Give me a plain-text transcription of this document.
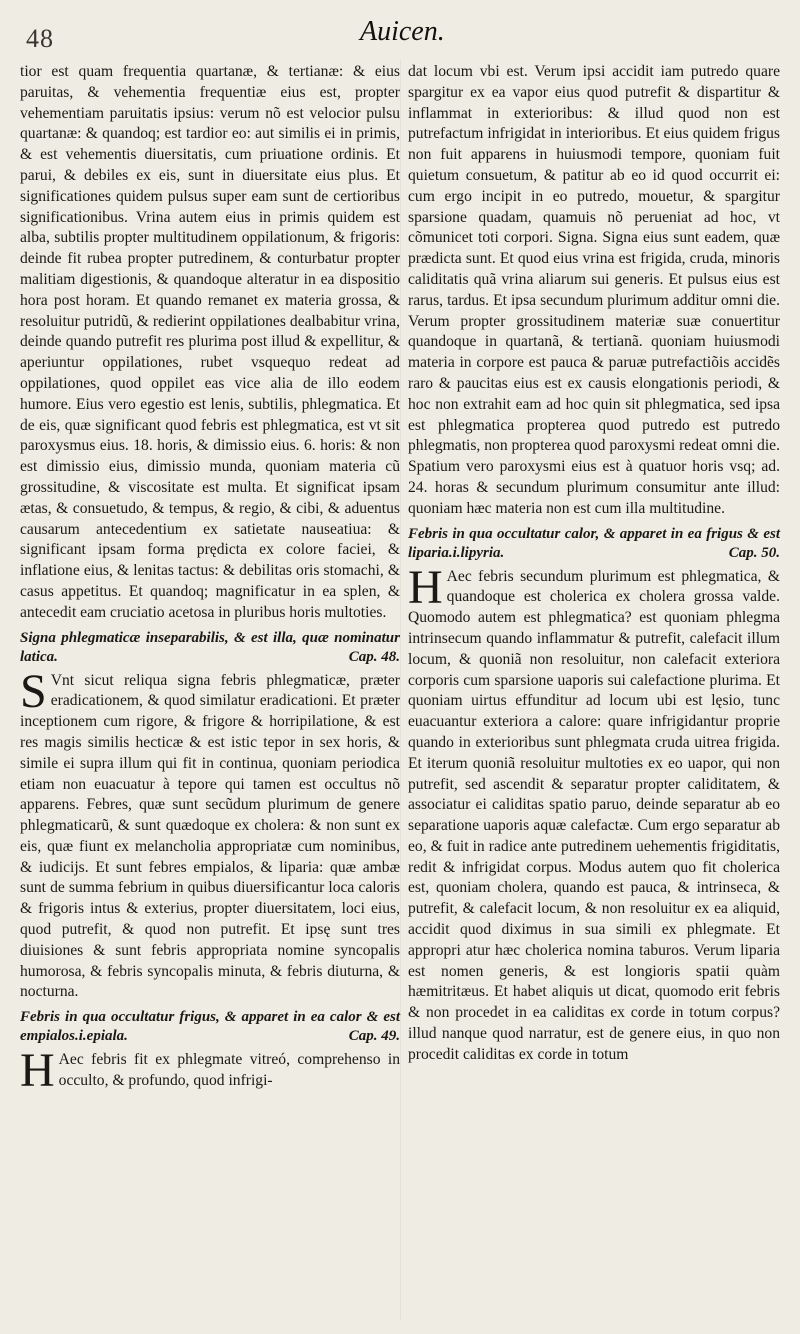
48	Auicen.

tior est quam frequentia quartanæ, & tertianæ: & eius paruitas, & vehementia frequentiæ eius est, propter vehementiam paruitatis ipsius: verum nõ est velocior pulsu quartanæ: & quandoq; est tardior eo: aut similis ei in primis, & est vehementis diuersitatis, cum priuatione ordinis. Et parui, & debiles ex eis, sunt in diuersitate eius plus. Et significationes quidem pulsus super eam sunt de certioribus significationibus. Vrina autem eius in primis quidem est alba, subtilis propter multitudinem oppilationum, & frigoris: deinde fit rubea propter putredinem, & conturbatur propter malitiam digestionis, & quandoque alteratur in ea dispositio hora post horam. Et quando remanet ex materia grossa, & resoluitur putridũ, & redierint oppilationes dealbabitur vrina, deinde quando putrefit res plurima post illud & expellitur, & aperiuntur oppilationes, rubet vsquequo redeat ad oppilationes, quod oppilet eas vice alia de illo eodem humore. Eius vero egestio est lenis, subtilis, phlegmatica. Et de eis, quæ significant quod febris est phlegmatica, est vt sit paroxysmus eius. 18. horis, & dimissio eius. 6. horis: & non est dimissio eius, dimissio munda, quoniam materia cũ grossitudine, & viscositate est multa. Et significat ipsam ætas, & consuetudo, & tempus, & regio, & cibi, & aduentus causarum antecedentium ex satietate nauseatiua: & significant ipsam forma prędicta ex colore faciei, & inflatione eius, & lenitas tactus: & debilitas oris stomachi, & casus appetitus. Et quandoq; magnificatur in ea splen, & antecedit eam cruciatio acetosa in pluribus horis multoties.

Signa phlegmaticæ inseparabilis, & est illa, quæ nominatur latica.	Cap. 48.

S Vnt sicut reliqua signa febris phlegmaticæ, præter eradicationem, & quod similatur eradicationi. Et præter inceptionem cum rigore, & frigore & horripilatione, & est res magis similis hecticæ & est istic tepor in sex horis, & simile ei supra illum qui fit in continua, quoniam periodica etiam non euacuatur à tepore qui tamen est occultus nõ apparens. Febres, quæ sunt secũdum plurimum de genere phlegmaticarũ, & sunt quædoque ex cholera: & non sunt ex eis, quæ fiunt ex melancholia appropriatæ cum nominibus, & iudicijs. Et sunt febres empialos, & liparia: quæ ambæ sunt de summa febrium in quibus diuersificantur loca caloris & frigoris intus & exterius, propter diuersitatem, loci eius, quod putrefit, & quod non putrefit. Et ipsę sunt tres diuisiones & sunt febris appropriata nomine syncopalis humorosa, & febris syncopalis minuta, & febris diuturna, & nocturna.

Febris in qua occultatur frigus, & apparet in ea calor & est empialos.i.epiala.	Cap. 49.

H Aec febris fit ex phlegmate vitreó, comprehenso in occulto, & profundo, quod infrigi-

dat locum vbi est. Verum ipsi accidit iam putredo quare spargitur ex ea vapor eius quod putrefit & dispartitur & inflammat in exterioribus: & illud quod non est putrefactum infrigidat in interioribus. Et eius quidem frigus non fuit apparens in huiusmodi tempore, quoniam fuit quietum consuetum, & patitur ab eo id quod occurrit ei: cum ergo incipit in eo putredo, mouetur, & spargitur sparsione quadam, quamuis nõ perueniat ad hoc, vt cõmunicet toti corpori. Signa. Signa eius sunt eadem, quæ prædicta sunt. Et quod eius vrina est frigida, cruda, minoris caliditatis quã vrina aliarum sui generis. Et pulsus eius est rarus, tardus. Et ipsa secundum plurimum additur omni die. Verum propter grossitudinem materiæ suæ conuertitur quandoque in quartanã, & tertianã. quoniam huiusmodi materia in corpore est pauca & paruæ putrefactiõis accidẽs raro & paucitas eius est ex causis elongationis periodi, & hoc non extrahit eam ad hoc quin sit phlegmatica, sed ipsa est phlegmatica propterea quod putredo est putredo phlegmatis, non propterea quod paroxysmi redeat omni die. Spatium vero paroxysmi eius est à quatuor horis vsq; ad. 24. horas & secundum plurimum consumitur ante illud: quoniam hæc materia non est cum illa multitudine.

Febris in qua occultatur calor, & apparet in ea frigus & est liparia.i.lipyria.	Cap. 50.

H Aec febris secundum plurimum est phlegmatica, & quandoque est cholerica ex cholera grossa valde. Quomodo autem est phlegmatica? est quoniam phlegma intrinsecum quando inflammatur & putrefit, calefacit illum locum, & quoniã non resoluitur, non calefacit exteriora corporis cum sparsione uaporis sui calefactione plurima. Et quoniam uirtus effunditur ad locum ubi est lęsio, tunc euacuantur exteriora a calore: quare infrigidantur proprie quando in exterioribus sunt phlegmata cruda uitrea frigida. Et iterum quoniã resoluitur multoties ex eo uapor, qui non putrefit, sed ascendit & separatur propter caliditatem, & associatur ei caliditas spatio paruo, deinde separatur ab eo separatione uaporis aquæ calefactæ. Cum ergo separatur ab eo, & fuit in radice ante putredinem uehementis frigiditatis, redit & infrigidat corpus. Modus autem quo fit cholerica est, quoniam cholera, quando est pauca, & intrinseca, & putrefit, & calefacit locum, & non resoluitur ex ea aliquid, accidit quod diximus in sua simili ex phlegmate. Et appropri atur hæc cholerica nomina taburos. Verum liparia est nomen generis, & est longioris spatii quàm hæmitritæus. Et habet aliquis ut dicat, quomodo erit febris & non procedet in ea caliditas ex corde in totum corpus? illud nanque quod narratur, est de genere eius, in quo non procedit caliditas ex corde in totum
